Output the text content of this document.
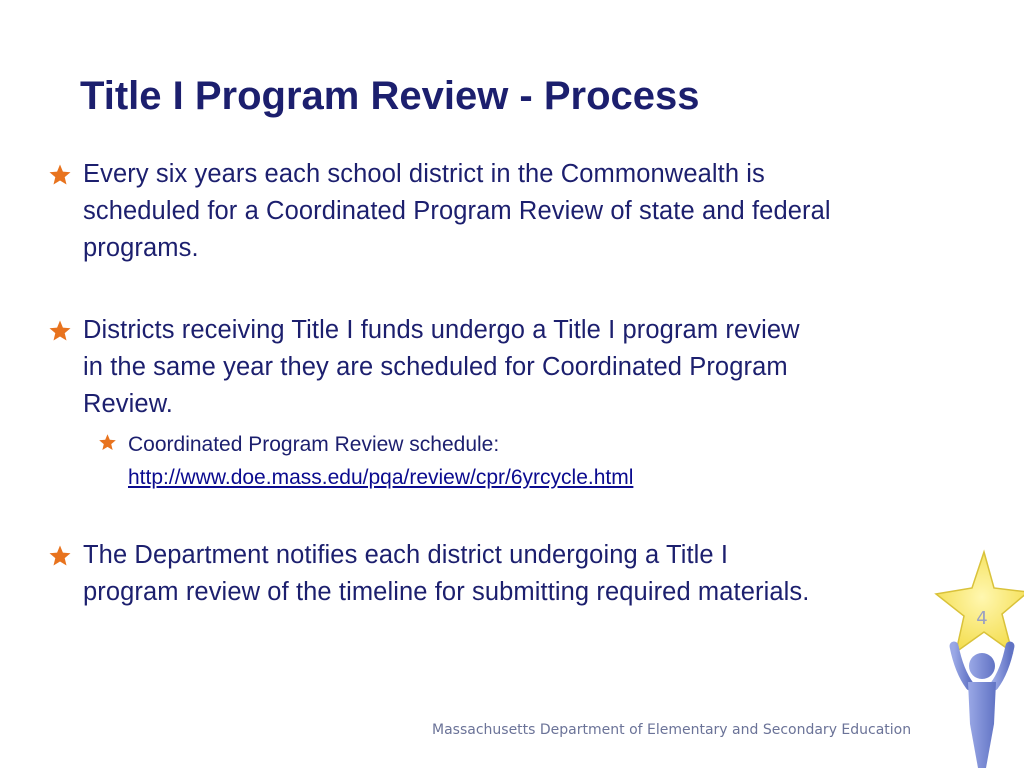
Title I Program Review - Process
Every six years each school district in the Commonwealth is
scheduled for a Coordinated Program Review of state and federal
programs.
Districts receiving Title I funds undergo a Title I program review
in the same year they are scheduled for Coordinated Program
Review.
Coordinated Program Review schedule:
http://www.doe.mass.edu/pqa/review/cpr/6yrcycle.html
The Department notifies each district undergoing a Title I
program review of the timeline for submitting required materials.
4
Massachusetts Department of Elementary and Secondary Education
